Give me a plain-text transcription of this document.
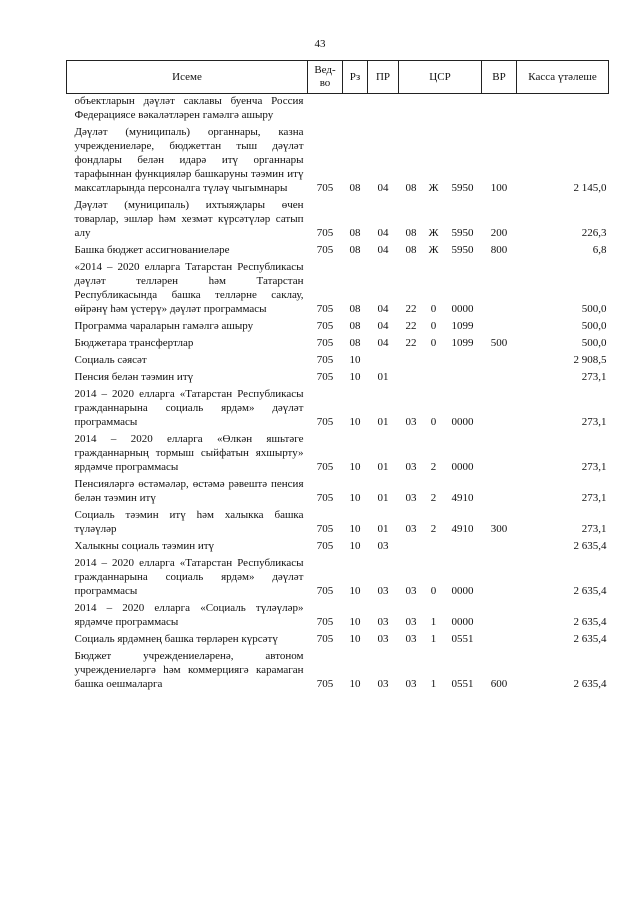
43
Исеме	Вед-во	Рз	ПР	ЦСР			ВР	Касса үтәлеше
объектларын дәүләт саклавы буенча Россия Федерациясе вәкаләтләрен гамәлгә ашыру								
Дәүләт (муниципаль) органнары, казна учреждениеләре, бюджеттан тыш дәүләт фондлары белән идарә итү органнары тарафыннан функцияләр башкаруны тәэмин итү максатларында персоналга түләү чыгымнары	705	08	04	08	Ж	5950	100	2 145,0
Дәүләт (муниципаль) ихтыяҗлары өчен товарлар, эшләр һәм хезмәт күрсәтүләр сатып алу	705	08	04	08	Ж	5950	200	226,3
Башка бюджет ассигнованиеләре	705	08	04	08	Ж	5950	800	6,8
«2014 – 2020 елларга Татарстан Республикасы дәүләт телләрен һәм Татарстан Республикасында башка телләрне саклау, өйрәнү һәм үстерү» дәүләт программасы	705	08	04	22	0	0000		500,0
Программа чараларын гамәлгә ашыру	705	08	04	22	0	1099		500,0
Бюджетара трансфертлар	705	08	04	22	0	1099	500	500,0
Социаль сәясәт	705	10						2 908,5
Пенсия белән тәэмин итү	705	10	01					273,1
2014 – 2020 елларга «Татарстан Республикасы гражданнарына социаль ярдәм» дәүләт программасы	705	10	01	03	0	0000		273,1
2014 – 2020 елларга «Өлкән яшьтәге гражданнарның тормыш сыйфатын яхшырту» ярдәмче программасы	705	10	01	03	2	0000		273,1
Пенсияләргә өстәмәләр, өстәмә рәвештә пенсия белән тәэмин итү	705	10	01	03	2	4910		273,1
Социаль тәэмин итү һәм халыкка башка түләүләр	705	10	01	03	2	4910	300	273,1
Халыкны социаль тәэмин итү	705	10	03					2 635,4
2014 – 2020 елларга «Татарстан Республикасы гражданнарына социаль ярдәм» дәүләт программасы	705	10	03	03	0	0000		2 635,4
2014 – 2020 елларга «Социаль түләүләр» ярдәмче программасы	705	10	03	03	1	0000		2 635,4
Социаль ярдәмнең башка төрләрен күрсәтү	705	10	03	03	1	0551		2 635,4
Бюджет учреждениеләренә, автоном учреждениеләргә һәм коммерциягә карамаган башка оешмаларга	705	10	03	03	1	0551	600	2 635,4
